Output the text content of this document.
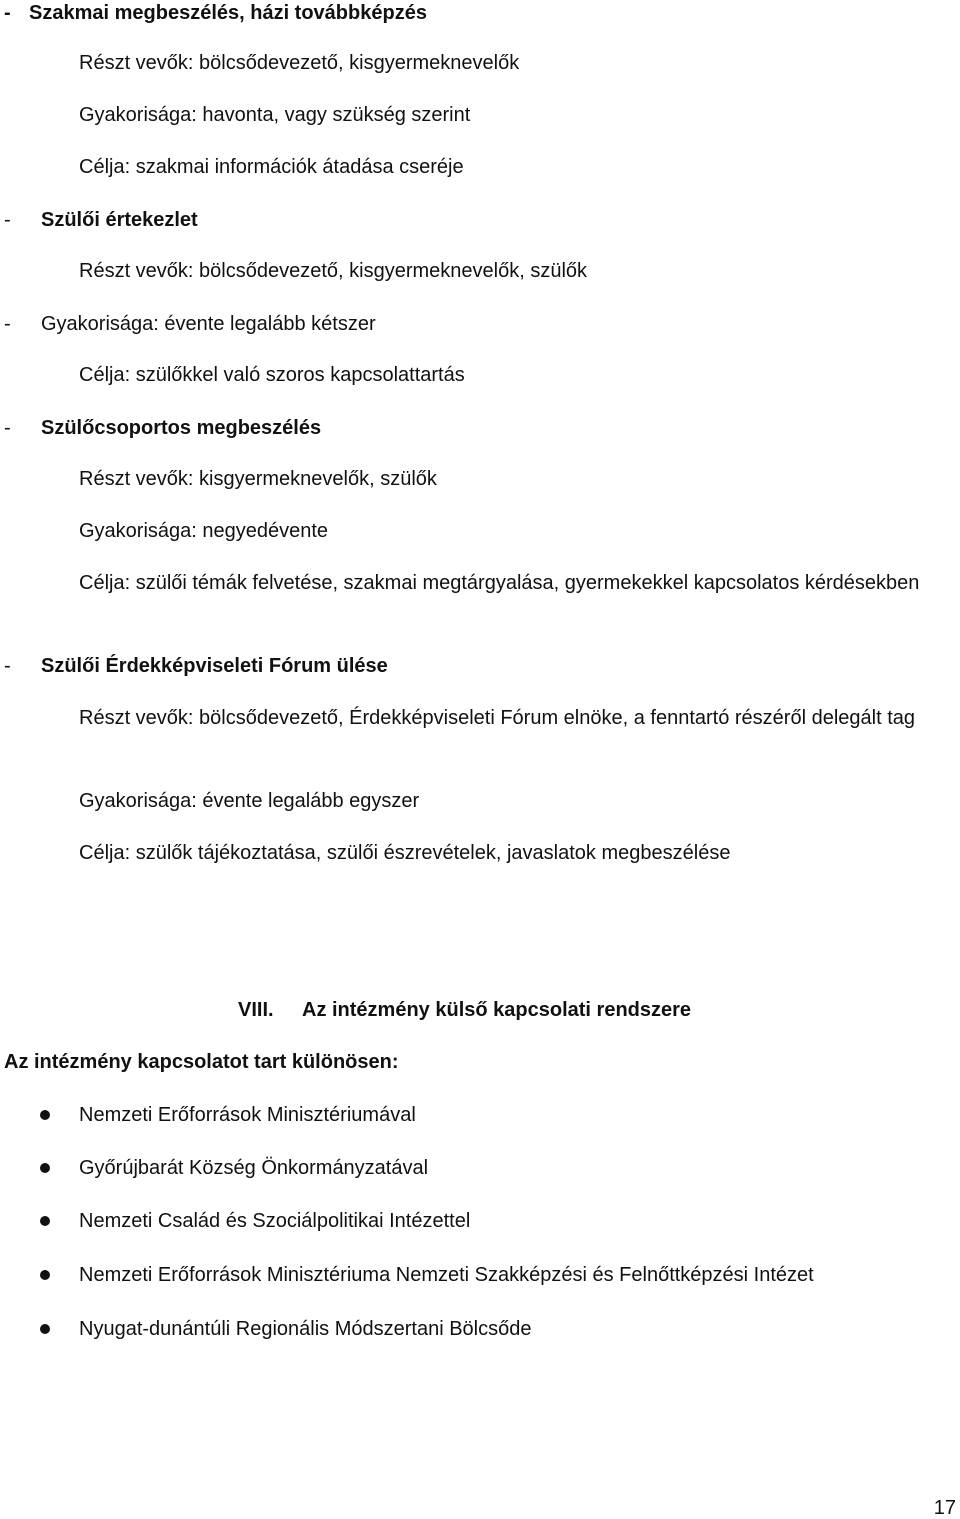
- Szakmai megbeszélés, házi továbbképzés
Részt vevők: bölcsődevezető, kisgyermeknevelők
Gyakorisága: havonta, vagy szükség szerint
Célja: szakmai információk átadása cseréje
- Szülői értekezlet
Részt vevők: bölcsődevezető, kisgyermeknevelők, szülők
- Gyakorisága: évente legalább kétszer
Célja: szülőkkel való szoros kapcsolattartás
- Szülőcsoportos megbeszélés
Részt vevők: kisgyermeknevelők, szülők
Gyakorisága: negyedévente
Célja: szülői témák felvetése, szakmai megtárgyalása, gyermekekkel kapcsolatos kérdésekben
- Szülői Érdekképviseleti Fórum ülése
Részt vevők: bölcsődevezető, Érdekképviseleti Fórum elnöke, a fenntartó részéről delegált tag
Gyakorisága: évente legalább egyszer
Célja: szülők tájékoztatása, szülői észrevételek, javaslatok megbeszélése
VIII. Az intézmény külső kapcsolati rendszere
Az intézmény kapcsolatot tart különösen:
Nemzeti Erőforrások Minisztériumával
Győrújbarát Község Önkormányzatával
Nemzeti Család és Szociálpolitikai Intézettel
Nemzeti Erőforrások Minisztériuma Nemzeti Szakképzési és Felnőttképzési Intézet
Nyugat-dunántúli Regionális Módszertani Bölcsőde
17
